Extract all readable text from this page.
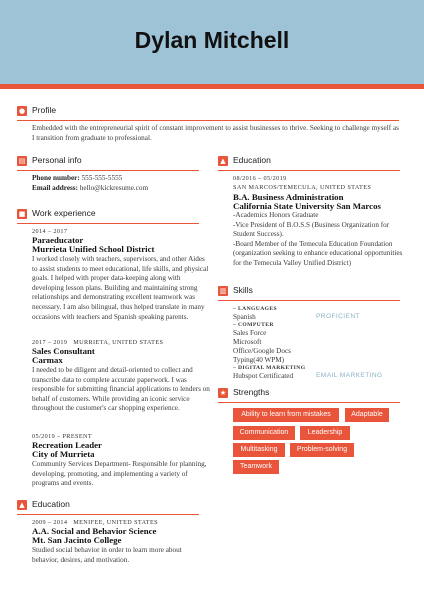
Dylan Mitchell
● Profile
Embedded with the entrepreneurial spirit of constant improvement to assist businesses to thrive. Seeking to challenge myself as I transition from graduate to professional.
▤ Personal info
Phone number: 555-555-5555
Email address: hello@kickresume.com
■ Work experience
2014 – 2017
Paraeducator
Murrieta Unified School District
I worked closely with teachers, supervisors, and other Aides to assist students to meet educational, life skills, and physical goals. I helped with proper data-keeping along with developing lesson plans. Building and maintaining strong relationships and demonstrating excellent teamwork was necessary. I am also bilingual, thus helped translate in many occasions with teachers and Spanish speaking parents.
2017 – 2019 MURRIETA, UNITED STATES
Sales Consultant
Carmax
I needed to be diligent and detail-oriented to collect and transcribe data to complete accurate paperwork. I was responsible for submitting financial applications to lenders on behalf of customers. While providing an iconic service throughout the customer's car shopping experience.
05/2019 – PRESENT
Recreation Leader
City of Murrieta
Community Services Department- Responsible for planning, developing, promoting, and implementing a variety of programs and events.
▲ Education
2009 – 2014 MENIFEE, UNITED STATES
A.A. Social and Behavior Science
Mt. San Jacinto College
Studied social behavior in order to learn more about behavior, desires, and motivation.
▲ Education
08/2016 – 05/2019
SAN MARCOS/TEMECULA, UNITED STATES
B.A. Business Administration
California State University San Marcos
-Academics Honors Graduate
-Vice President of B.O.S.S (Business Organization for Student Success).
-Board Member of the Temecula Education Foundation (organization seeking to enhance educational opportunities for the Temecula Valley Unified District)
▥ Skills
– LANGUAGES
Spanish	PROFICIENT
– COMPUTER
Sales Force
Microsoft
Office/Google Docs
Typing(40 WPM)
– DIGITAL MARKETING
Hubspot Certificated	EMAIL MARKETING
★ Strengths
Ability to learn from mistakes	Adaptable
Communication	Leadership
Multitasking	Problem-solving
Teamwork
